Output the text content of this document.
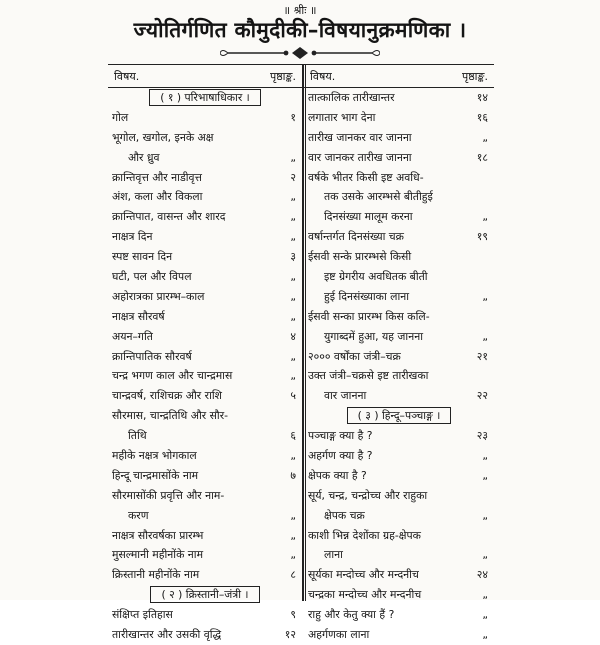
॥ श्रीः ॥
ज्योतिर्गणित कौमुदीकी–विषयानुक्रमणिका ।
विषय.	पृष्ठाङ्क.
( १ ) परिभाषाधिकार ।
गोल	१
भूगोल, खगोल, इनके अक्ष
और ध्रुव	„
क्रान्तिवृत्त और नाडीवृत्त	२
अंश, कला और विकला	„
क्रान्तिपात, वासन्त और शारद	„
नाक्षत्र दिन	„
स्पष्ट सावन दिन	३
घटी, पल और विपल	„
अहोरात्रका प्रारम्भ–काल	„
नाक्षत्र सौरवर्ष	„
अयन–गति	४
क्रान्तिपातिक सौरवर्ष	„
चन्द्र भगण काल और चान्द्रमास	„
चान्द्रवर्ष, राशिचक्र और राशि	५
सौरमास, चान्द्रतिथि और सौर-
तिथि	६
महीके नक्षत्र भोगकाल	„
हिन्दू चान्द्रमासोंके नाम	७
सौरमासोंकी प्रवृत्ति और नाम-
करण	„
नाक्षत्र सौरवर्षका प्रारम्भ	„
मुसल्मानी महीनोंके नाम	„
क्रिस्तानी महीनोंके नाम	८
( २ ) क्रिस्तानी–जंत्री ।
संक्षिप्त इतिहास	९
तारीखान्तर और उसकी वृद्धि	१२
विषय.	पृष्ठाङ्क.
तात्कालिक तारीखान्तर	१४
लगातार भाग देना	१६
तारीख जानकर वार जानना	„
वार जानकर तारीख जानना	१८
वर्षके भीतर किसी इष्ट अवधि-
तक उसके आरम्भसे बीतीहुई
दिनसंख्या मालूम करना	„
वर्षान्तर्गत दिनसंख्या चक्र	१९
ईसवी सन्के प्रारम्भसे किसी
इष्ट ग्रेगरीय अवधितक बीती
हुई दिनसंख्याका लाना	„
ईसवी सन्का प्रारम्भ किस कलि-
युगाब्दमें हुआ, यह जानना	„
२००० वर्षोंका जंत्री–चक्र	२१
उक्त जंत्री–चक्रसे इष्ट तारीखका
वार जानना	२२
( ३ ) हिन्दू–पञ्चाङ्ग ।
पञ्चाङ्ग क्या है ?	२३
अहर्गण क्या है ?	„
क्षेपक क्या है ?	„
सूर्य, चन्द्र, चन्द्रोच्च और राहुका
क्षेपक चक्र	„
काशी भिन्न देशोंका ग्रह-क्षेपक
लाना	„
सूर्यका मन्दोच्च और मन्दनीच	२४
चन्द्रका मन्दोच्च और मन्दनीच	„
राहु और केतु क्या हैं ?	„
अहर्गणका लाना	„
